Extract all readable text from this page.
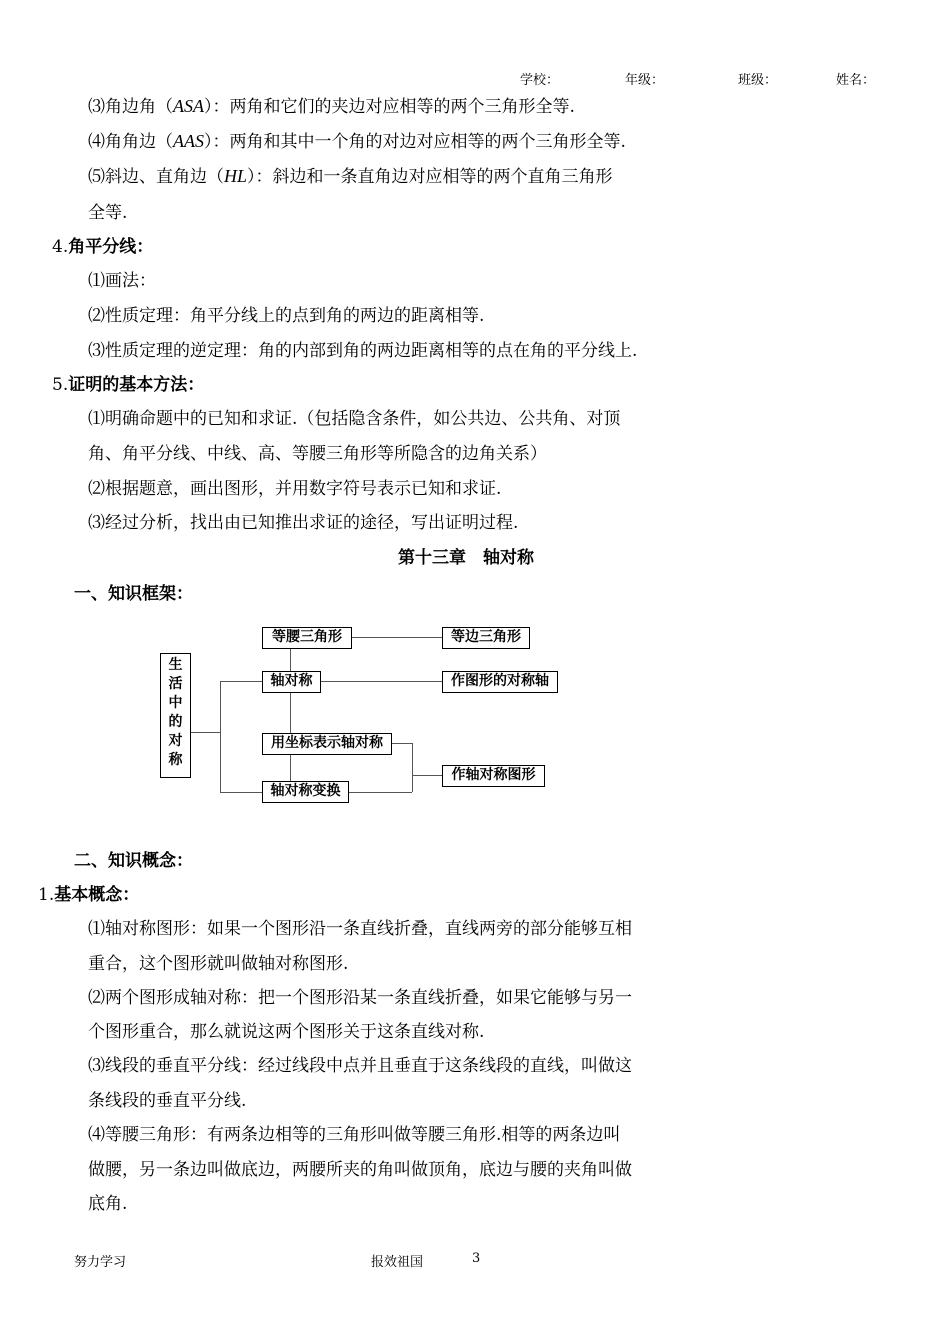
学校：	年级：	班级：	姓名：
⑶角边角（ASA）：两角和它们的夹边对应相等的两个三角形全等.
⑷角角边（AAS）：两角和其中一个角的对边对应相等的两个三角形全等.
⑸斜边、直角边（HL）：斜边和一条直角边对应相等的两个直角三角形
全等.
4.角平分线：
⑴画法：
⑵性质定理：角平分线上的点到角的两边的距离相等.
⑶性质定理的逆定理：角的内部到角的两边距离相等的点在角的平分线上.
5.证明的基本方法：
⑴明确命题中的已知和求证.（包括隐含条件，如公共边、公共角、对顶
角、角平分线、中线、高、等腰三角形等所隐含的边角关系）
⑵根据题意，画出图形，并用数字符号表示已知和求证.
⑶经过分析，找出由已知推出求证的途径，写出证明过程.
第十三章　轴对称
一、知识框架：
生
活
中
的
对
称
等腰三角形	等边三角形
轴对称	作图形的对称轴
用坐标表示轴对称
轴对称变换
作轴对称图形
二、知识概念：
1.基本概念：
⑴轴对称图形：如果一个图形沿一条直线折叠，直线两旁的部分能够互相
重合，这个图形就叫做轴对称图形.
⑵两个图形成轴对称：把一个图形沿某一条直线折叠，如果它能够与另一
个图形重合，那么就说这两个图形关于这条直线对称.
⑶线段的垂直平分线：经过线段中点并且垂直于这条线段的直线，叫做这
条线段的垂直平分线.
⑷等腰三角形：有两条边相等的三角形叫做等腰三角形.相等的两条边叫
做腰，另一条边叫做底边，两腰所夹的角叫做顶角，底边与腰的夹角叫做
底角.
努力学习	报效祖国	3
